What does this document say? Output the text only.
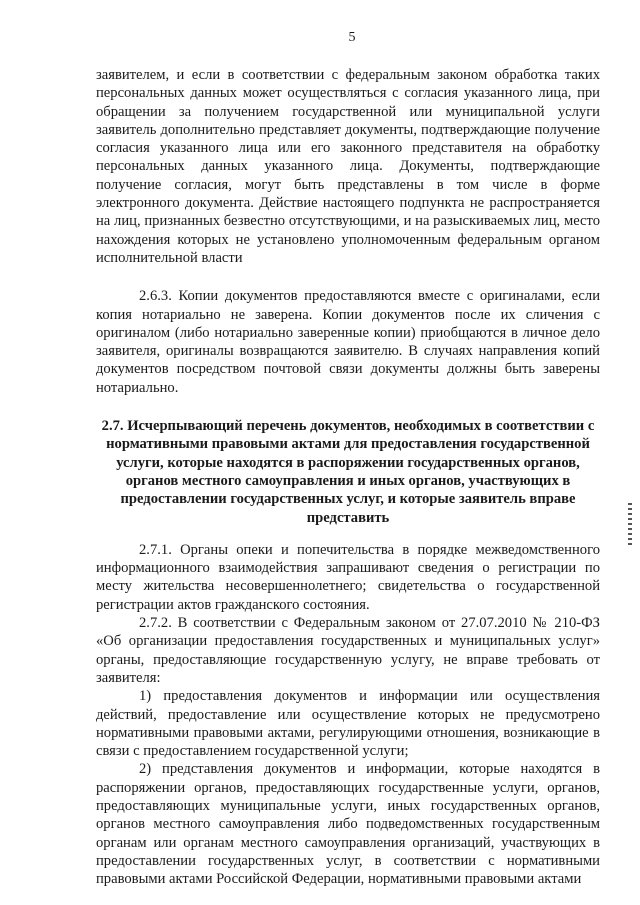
5

заявителем, и если в соответствии с федеральным законом обработка таких персональных данных может осуществляться с согласия указанного лица, при обращении за получением государственной или муниципальной услуги заявитель дополнительно представляет документы, подтверждающие получение согласия указанного лица или его законного представителя на обработку персональных данных указанного лица. Документы, подтверждающие получение согласия, могут быть представлены в том числе в форме электронного документа. Действие настоящего подпункта не распространяется на лиц, признанных безвестно отсутствующими, и на разыскиваемых лиц, место нахождения которых не установлено уполномоченным федеральным органом исполнительной власти

2.6.3. Копии документов предоставляются вместе с оригиналами, если копия нотариально не заверена. Копии документов после их сличения с оригиналом (либо нотариально заверенные копии) приобщаются в личное дело заявителя, оригиналы возвращаются заявителю. В случаях направления копий документов посредством почтовой связи документы должны быть заверены нотариально.

2.7. Исчерпывающий перечень документов, необходимых в соответствии с нормативными правовыми актами для предоставления государственной услуги, которые находятся в распоряжении государственных органов, органов местного самоуправления и иных органов, участвующих в предоставлении государственных услуг, и которые заявитель вправе представить

2.7.1. Органы опеки и попечительства в порядке межведомственного информационного взаимодействия запрашивают сведения о регистрации по месту жительства несовершеннолетнего; свидетельства о государственной регистрации актов гражданского состояния.

2.7.2. В соответствии с Федеральным законом от 27.07.2010 № 210-ФЗ «Об организации предоставления государственных и муниципальных услуг» органы, предоставляющие государственную услугу, не вправе требовать от заявителя:

1) предоставления документов и информации или осуществления действий, предоставление или осуществление которых не предусмотрено нормативными правовыми актами, регулирующими отношения, возникающие в связи с предоставлением государственной услуги;

2) представления документов и информации, которые находятся в распоряжении органов, предоставляющих государственные услуги, органов, предоставляющих муниципальные услуги, иных государственных органов, органов местного самоуправления либо подведомственных государственным органам или органам местного самоуправления организаций, участвующих в предоставлении государственных услуг, в соответствии с нормативными правовыми актами Российской Федерации, нормативными правовыми актами
